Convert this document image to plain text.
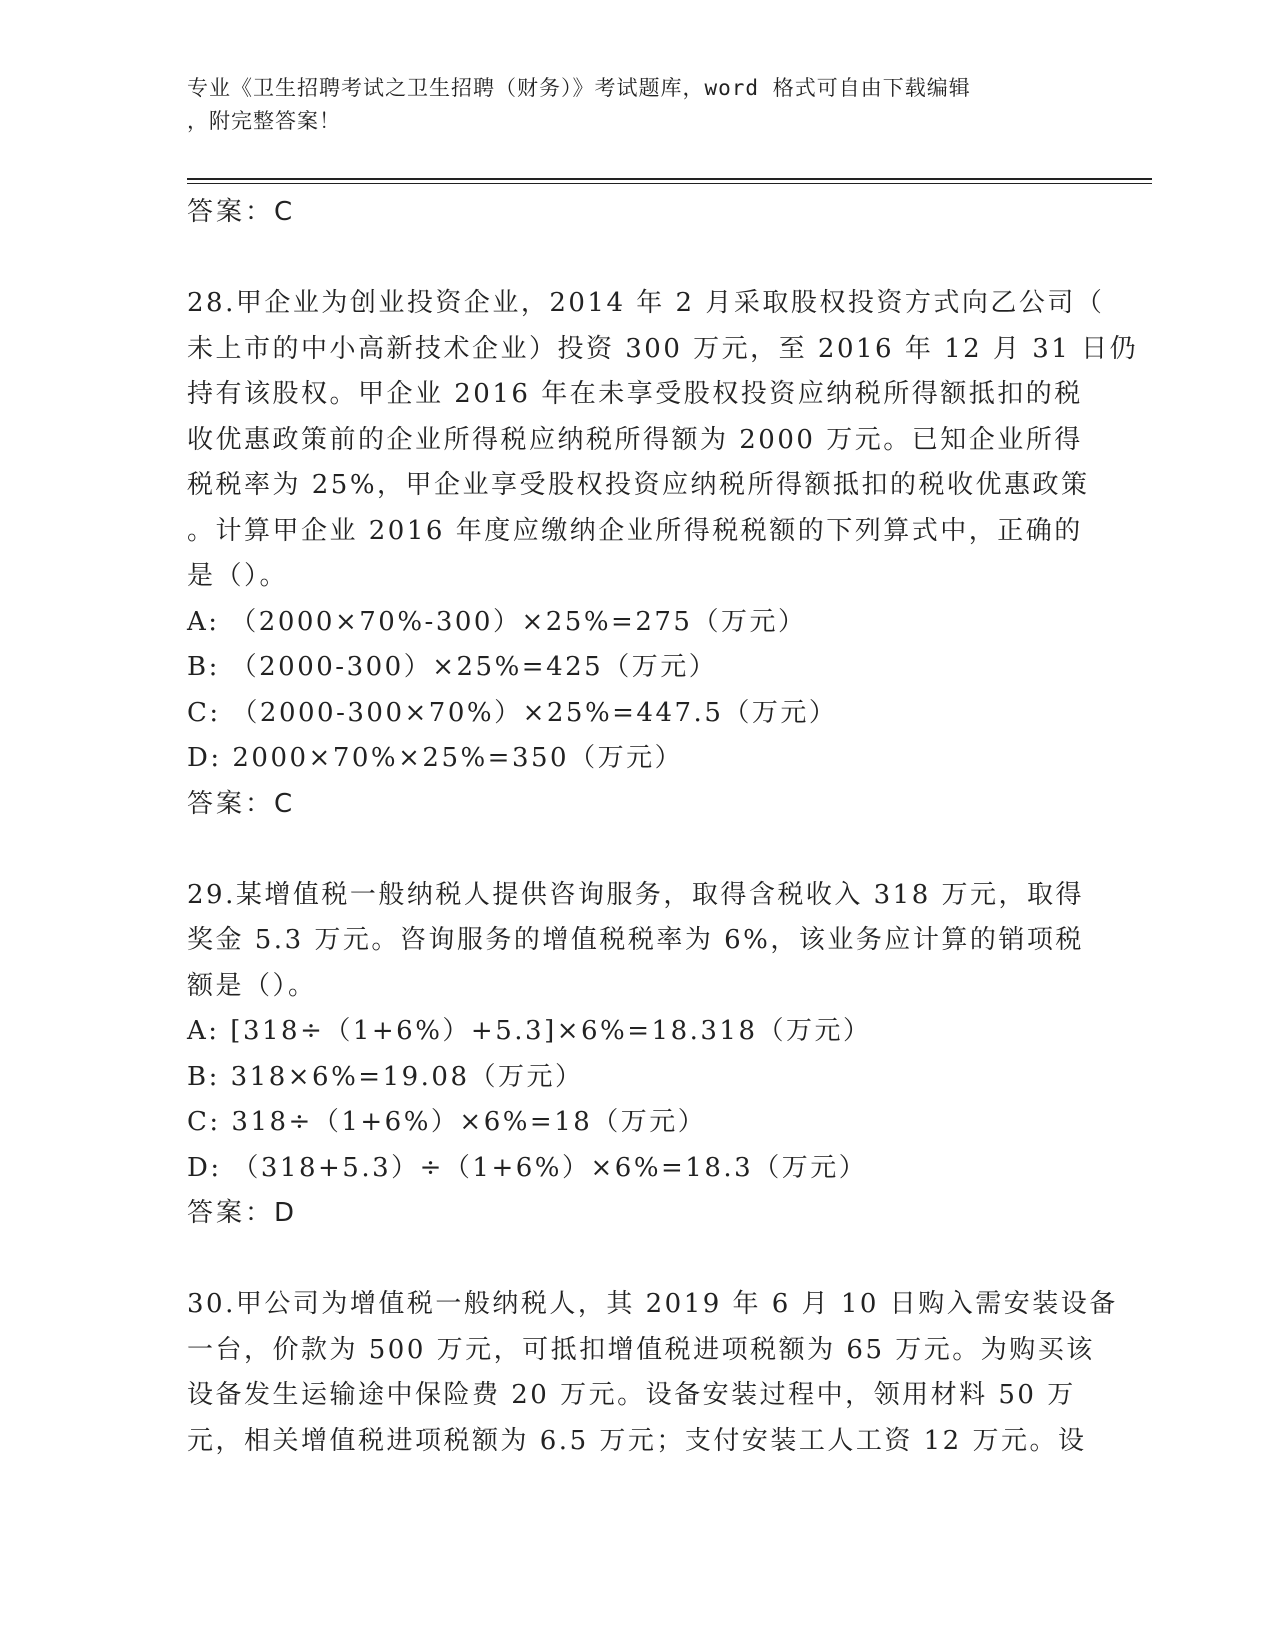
专业《卫生招聘考试之卫生招聘（财务）》考试题库，word 格式可自由下载编辑
，附完整答案！
答案：C
28.甲企业为创业投资企业，2014 年 2 月采取股权投资方式向乙公司（
未上市的中小高新技术企业）投资 300 万元，至 2016 年 12 月 31 日仍
持有该股权。甲企业 2016 年在未享受股权投资应纳税所得额抵扣的税
收优惠政策前的企业所得税应纳税所得额为 2000 万元。已知企业所得
税税率为 25%，甲企业享受股权投资应纳税所得额抵扣的税收优惠政策
。计算甲企业 2016 年度应缴纳企业所得税税额的下列算式中，正确的
是（）。
A: （2000×70%-300）×25%=275（万元）
B: （2000-300）×25%=425（万元）
C: （2000-300×70%）×25%=447.5（万元）
D: 2000×70%×25%=350（万元）
答案：C
29.某增值税一般纳税人提供咨询服务，取得含税收入 318 万元，取得
奖金 5.3 万元。咨询服务的增值税税率为 6%，该业务应计算的销项税
额是（）。
A: [318÷（1+6%）+5.3]×6%=18.318（万元）
B: 318×6%=19.08（万元）
C: 318÷（1+6%）×6%=18（万元）
D: （318+5.3）÷（1+6%）×6%=18.3（万元）
答案：D
30.甲公司为增值税一般纳税人，其 2019 年 6 月 10 日购入需安装设备
一台，价款为 500 万元，可抵扣增值税进项税额为 65 万元。为购买该
设备发生运输途中保险费 20 万元。设备安装过程中，领用材料 50 万
元，相关增值税进项税额为 6.5 万元；支付安装工人工资 12 万元。设
